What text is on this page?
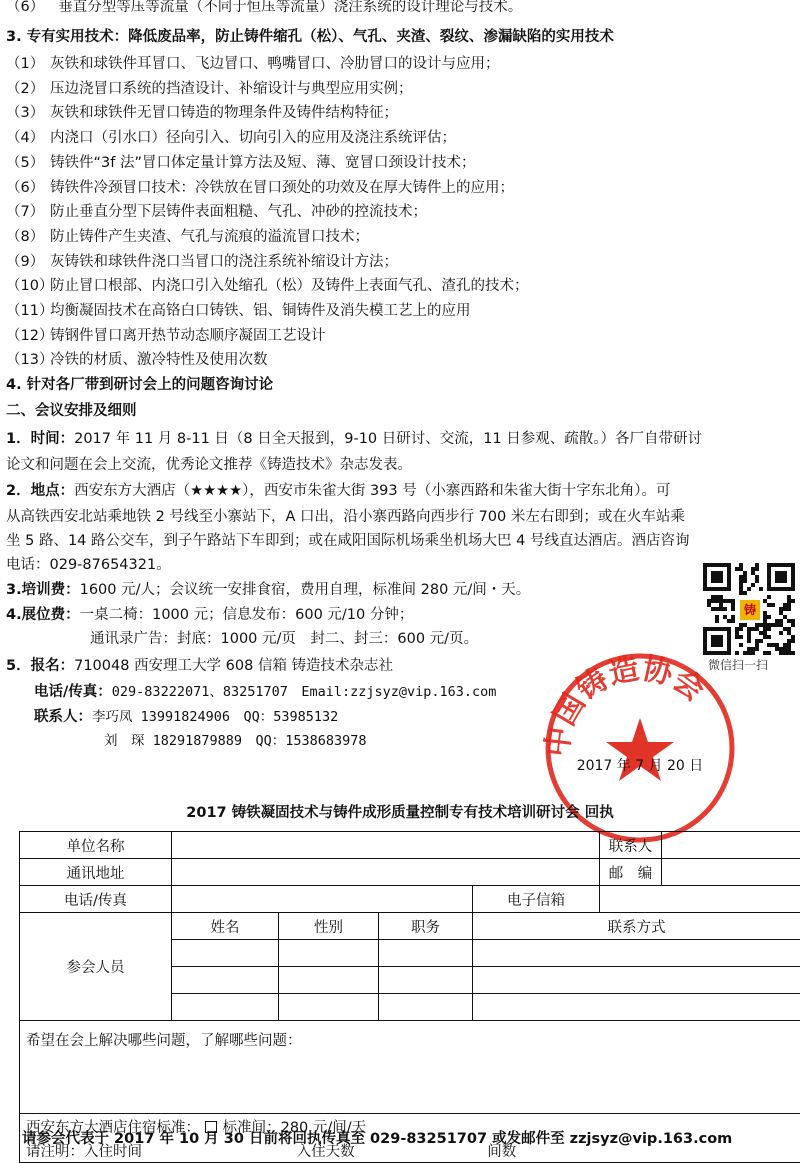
（6） 垂直分型等压等流量（不同于恒压等流量）浇注系统的设计理论与技术。
3. 专有实用技术：降低废品率，防止铸件缩孔（松）、气孔、夹渣、裂纹、渗漏缺陷的实用技术
（1） 灰铁和球铁件耳冒口、飞边冒口、鸭嘴冒口、冷肋冒口的设计与应用；
（2） 压边浇冒口系统的挡渣设计、补缩设计与典型应用实例；
（3） 灰铁和球铁件无冒口铸造的物理条件及铸件结构特征；
（4） 内浇口（引水口）径向引入、切向引入的应用及浇注系统评估；
（5） 铸铁件“3f 法”冒口体定量计算方法及短、薄、宽冒口颈设计技术；
（6） 铸铁件冷颈冒口技术：冷铁放在冒口颈处的功效及在厚大铸件上的应用；
（7） 防止垂直分型下层铸件表面粗糙、气孔、冲砂的控流技术；
（8） 防止铸件产生夹渣、气孔与流痕的溢流冒口技术；
（9） 灰铸铁和球铁件浇口当冒口的浇注系统补缩设计方法；
（10）防止冒口根部、内浇口引入处缩孔（松）及铸件上表面气孔、渣孔的技术；
（11）均衡凝固技术在高铬白口铸铁、铝、铜铸件及消失模工艺上的应用
（12）铸钢件冒口离开热节动态顺序凝固工艺设计
（13）冷铁的材质、激冷特性及使用次数
4. 针对各厂带到研讨会上的问题咨询讨论
二、会议安排及细则
1．时间：2017 年 11 月 8-11 日（8 日全天报到，9-10 日研讨、交流，11 日参观、疏散。）各厂自带研讨
论文和问题在会上交流，优秀论文推荐《铸造技术》杂志发表。
2．地点：西安东方大酒店（★★★★），西安市朱雀大街 393 号（小寨西路和朱雀大街十字东北角）。可
从高铁西安北站乘地铁 2 号线至小寨站下，A 口出，沿小寨西路向西步行 700 米左右即到；或在火车站乘
坐 5 路、14 路公交车，到子午路站下车即到；或在咸阳国际机场乘坐机场大巴 4 号线直达酒店。酒店咨询
电话：029-87654321。
3.培训费：1600 元/人；会议统一安排食宿，费用自理，标准间 280 元/间・天。
4.展位费：一桌二椅：1000 元；信息发布：600 元/10 分钟；
通讯录广告：封底：1000 元/页　封二、封三：600 元/页。
5．报名：710048 西安理工大学 608 信箱 铸造技术杂志社
电话/传真：029-83222071、83251707　Email:zzjsyz@vip.163.com
联系人：李巧凤 13991824906　QQ：53985132
刘　琛 18291879889　QQ：1538683978
铸
微信扫一扫
中国铸造协会
2017 年 7 月 20 日
2017 铸铁凝固技术与铸件成形质量控制专有技术培训研讨会 回执
单位名称					联系人	
通讯地址					邮　编	
电话/传真				电子信箱		
参会人员	姓名	性别	职务	联系方式		

希望在会上解决哪些问题，了解哪些问题：						
西安东方大酒店住宿标准： 标准间：280 元/间/天						
请注明：入住时间 入住天数 间数						
请参会代表于 2017 年 10 月 30 日前将回执传真至 029-83251707 或发邮件至 zzjsyz@vip.163.com
